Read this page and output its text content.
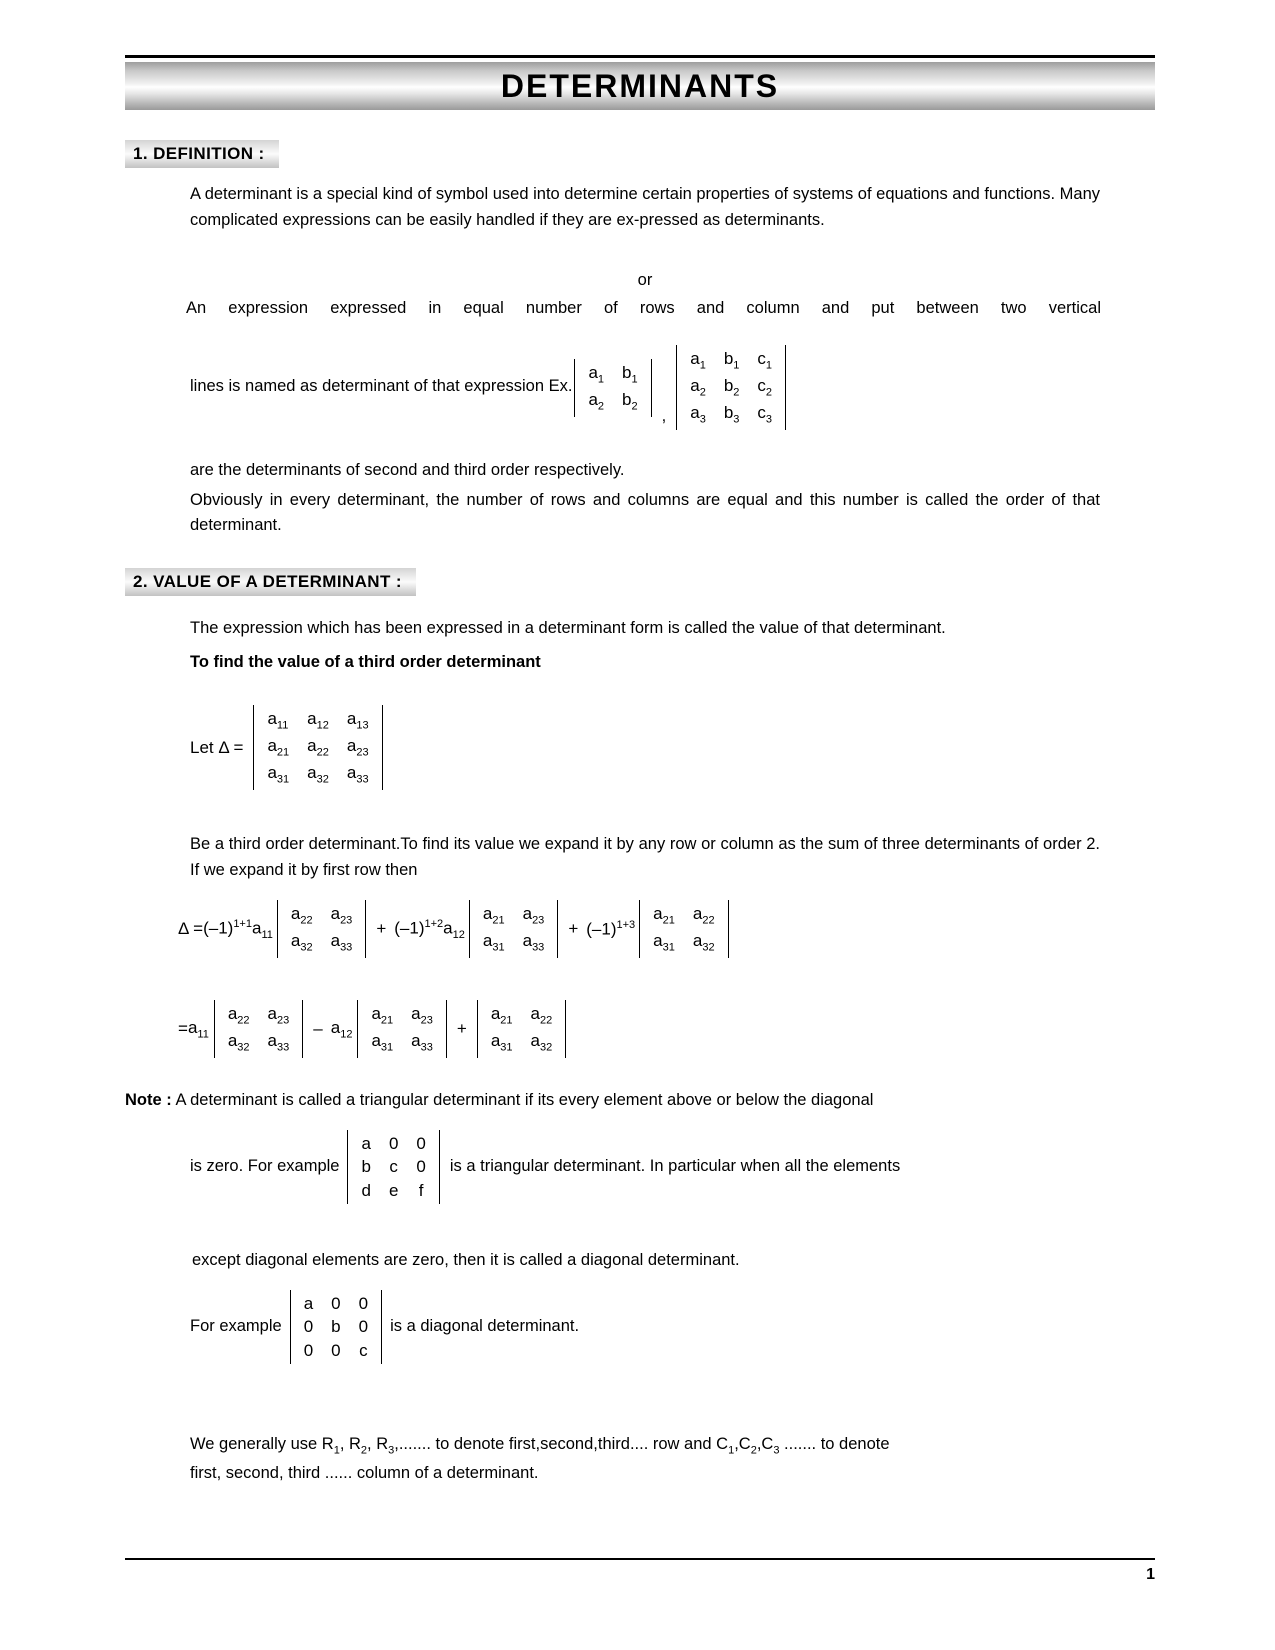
DETERMINANTS
1. DEFINITION :
A determinant is a special kind of symbol used into determine certain properties of systems of equations and functions. Many complicated expressions can be easily handled if they are ex-pressed as determinants.
or
An expression expressed in equal number of rows and column and put between two vertical
lines is named as determinant of that expression Ex.
$a_1$	$b_1$
$a_2$	$b_2$
,
$a_1$	$b_1$	$c_1$
$a_2$	$b_2$	$c_2$
$a_3$	$b_3$	$c_3$
are the determinants of second and third order respectively.
Obviously in every determinant, the number of rows and columns are equal and this number is called the order of that determinant.
2. VALUE OF A DETERMINANT :
The expression which has been expressed in a determinant form is called the value of that determinant.
To find the value of a third order determinant
Let Δ =
$a_{11}$	$a_{12}$	$a_{13}$
$a_{21}$	$a_{22}$	$a_{23}$
$a_{31}$	$a_{32}$	$a_{33}$
Be a third order determinant.To find its value we expand it by any row or column as the sum of three determinants of order 2. If we expand it by first row then
$\Delta = (-1)^{1+1}a_{11}$
$a_{22}$	$a_{23}$
$a_{32}$	$a_{33}$
+ $(-1)^{1+2}a_{12}$
$a_{21}$	$a_{23}$
$a_{31}$	$a_{33}$
+ $(-1)^{1+3}$
$a_{21}$	$a_{22}$
$a_{31}$	$a_{32}$
= $a_{11}$
$a_{22}$	$a_{23}$
$a_{32}$	$a_{33}$
– $a_{12}$
$a_{21}$	$a_{23}$
$a_{31}$	$a_{33}$
+
$a_{21}$	$a_{22}$
$a_{31}$	$a_{32}$
Note : A determinant is called a triangular determinant if its every element above or below the diagonal
is zero. For example
a	0	0
b	c	0
d	e	f
is a triangular determinant. In particular when all the elements
except diagonal elements are zero, then it is called a diagonal determinant.
For example
a	0	0
0	b	0
0	0	c
is a diagonal determinant.
We generally use $R_1$, $R_2$, $R_3$,....... to denote first,second,third.... row and $C_1,C_2,C_3$ ....... to denote
first, second, third ...... column of a determinant.
1
